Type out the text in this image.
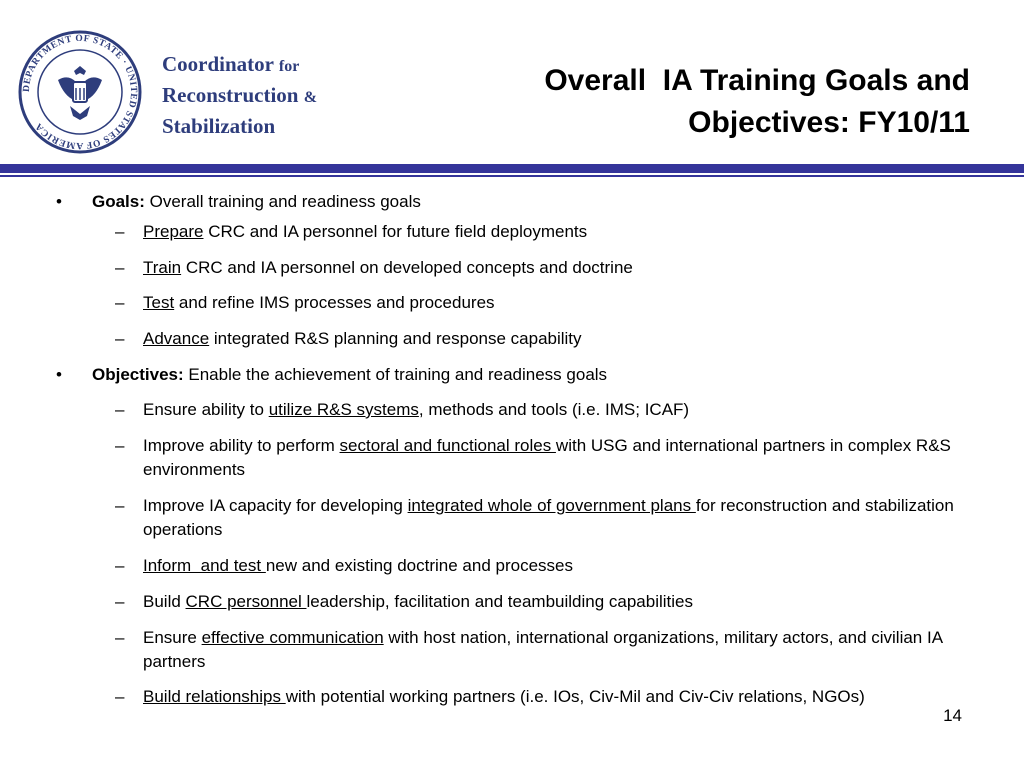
DEPARTMENT OF STATE · UNITED STATES OF AMERICA
Coordinator for
Reconstruction &
Stabilization
Overall  IA Training Goals and
Objectives: FY10/11
• Goals: Overall training and readiness goals
– Prepare CRC and IA personnel for future field deployments
– Train CRC and IA personnel on developed concepts and doctrine
– Test and refine IMS processes and procedures
– Advance integrated R&S planning and response capability
• Objectives: Enable the achievement of training and readiness goals
– Ensure ability to utilize R&S systems, methods and tools (i.e. IMS; ICAF)
– Improve ability to perform sectoral and functional roles with USG and international partners in complex R&S environments
– Improve IA capacity for developing integrated whole of government plans for reconstruction and stabilization operations
– Inform  and test new and existing doctrine and processes
– Build CRC personnel leadership, facilitation and teambuilding capabilities
– Ensure effective communication with host nation, international organizations, military actors, and civilian IA partners
– Build relationships with potential working partners (i.e. IOs, Civ-Mil and Civ-Civ relations, NGOs)
14
